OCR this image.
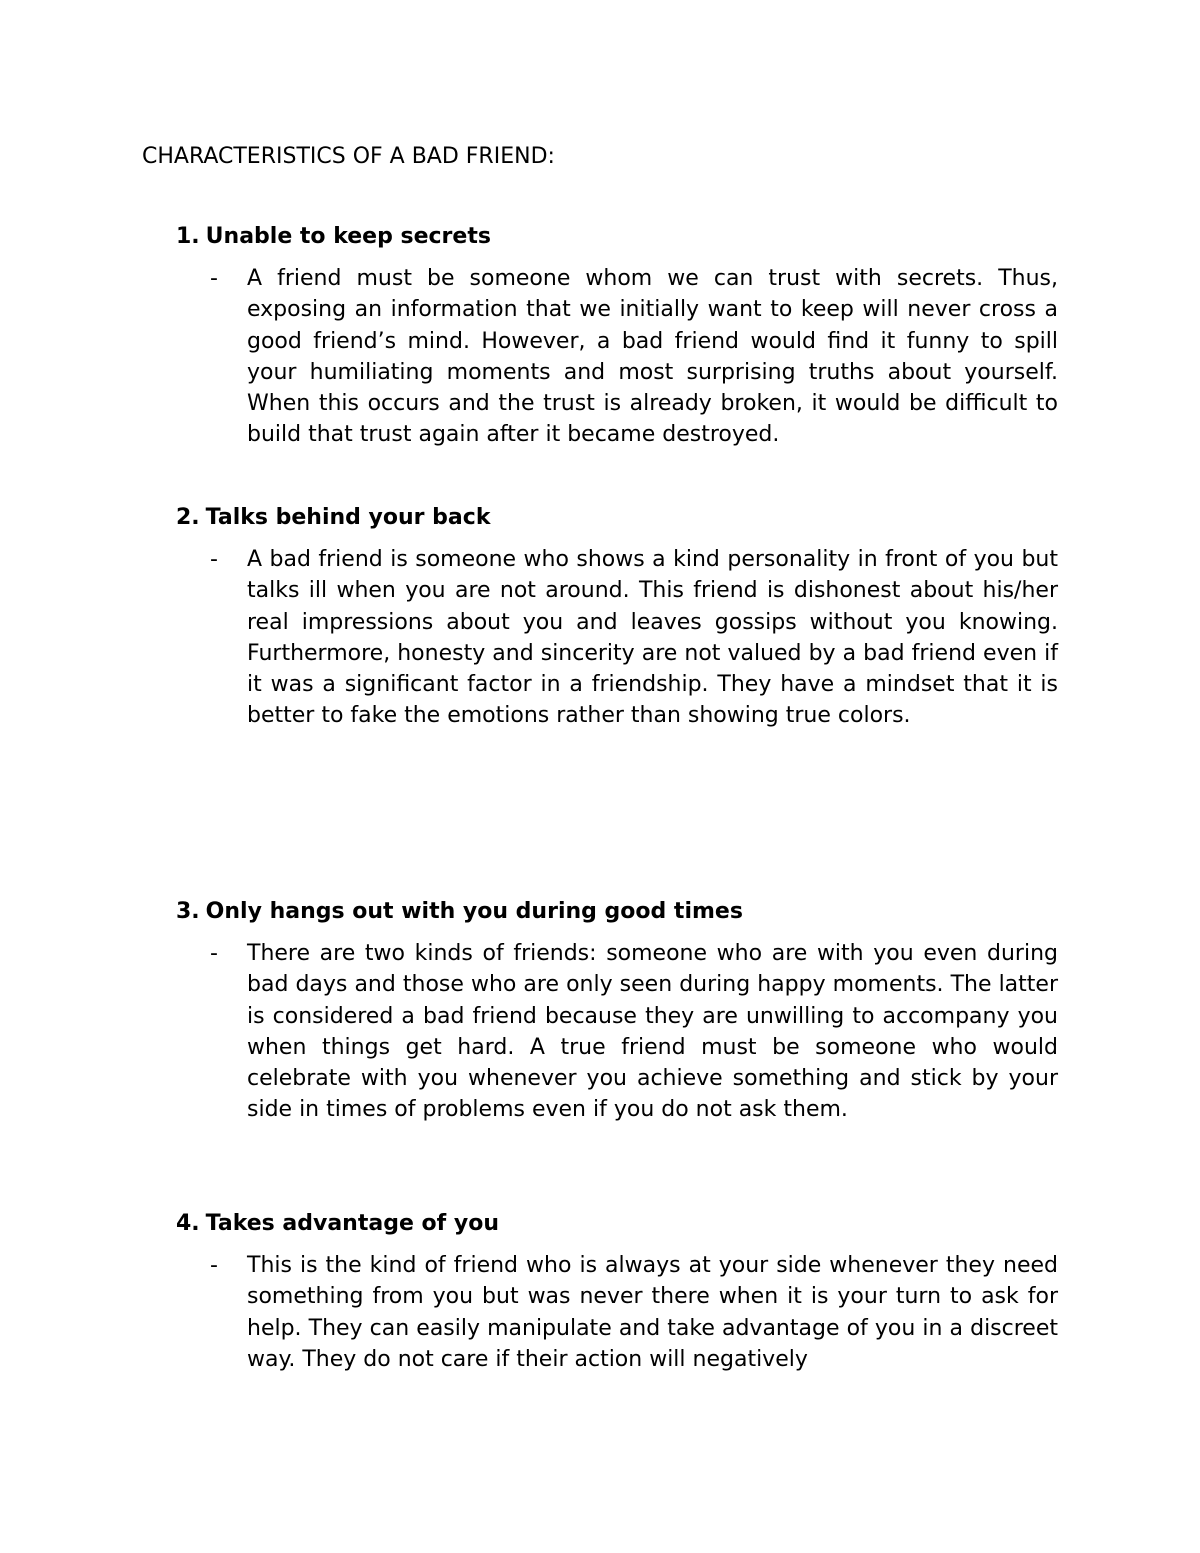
CHARACTERISTICS OF A BAD FRIEND:
1. Unable to keep secrets
- A friend must be someone whom we can trust with secrets. Thus, exposing an information that we initially want to keep will never cross a good friend’s mind. However, a bad friend would find it funny to spill your humiliating moments and most surprising truths about yourself. When this occurs and the trust is already broken, it would be difficult to build that trust again after it became destroyed.
2. Talks behind your back
- A bad friend is someone who shows a kind personality in front of you but talks ill when you are not around. This friend is dishonest about his/her real impressions about you and leaves gossips without you knowing. Furthermore, honesty and sincerity are not valued by a bad friend even if it was a significant factor in a friendship. They have a mindset that it is better to fake the emotions rather than showing true colors.
3. Only hangs out with you during good times
- There are two kinds of friends: someone who are with you even during bad days and those who are only seen during happy moments. The latter is considered a bad friend because they are unwilling to accompany you when things get hard. A true friend must be someone who would celebrate with you whenever you achieve something and stick by your side in times of problems even if you do not ask them.
4. Takes advantage of you
- This is the kind of friend who is always at your side whenever they need something from you but was never there when it is your turn to ask for help. They can easily manipulate and take advantage of you in a discreet way. They do not care if their action will negatively
